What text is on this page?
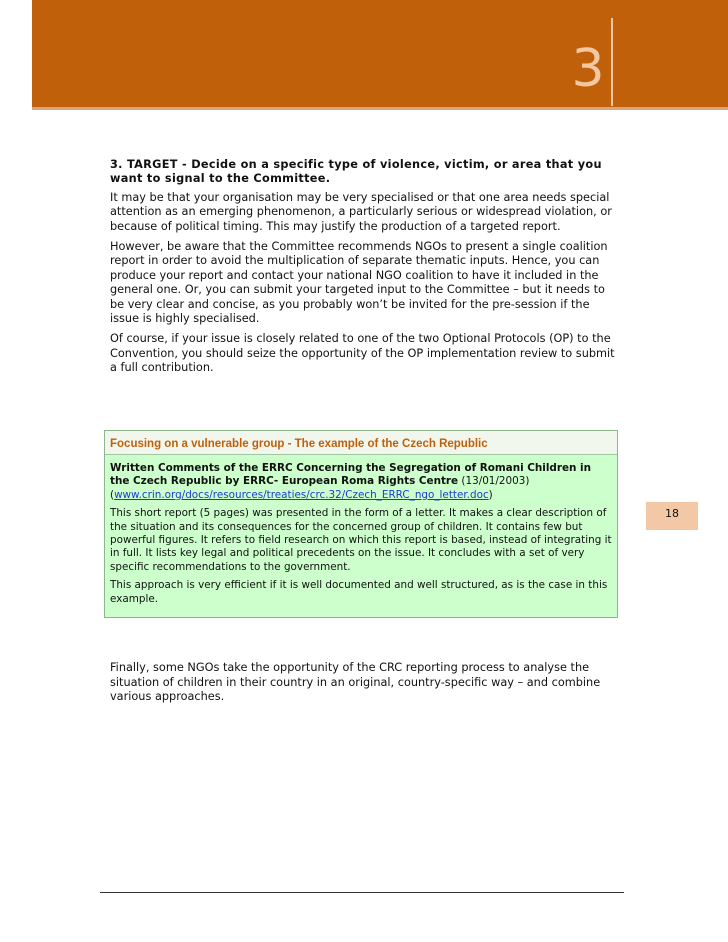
3

3. TARGET - Decide on a specific type of violence, victim, or area that you want to signal to the Committee.

It may be that your organisation may be very specialised or that one area needs special attention as an emerging phenomenon, a particularly serious or widespread violation, or because of political timing. This may justify the production of a targeted report.

However, be aware that the Committee recommends NGOs to present a single coalition report in order to avoid the multiplication of separate thematic inputs. Hence, you can produce your report and contact your national NGO coalition to have it included in the general one. Or, you can submit your targeted input to the Committee – but it needs to be very clear and concise, as you probably won’t be invited for the pre-session if the issue is highly specialised.

Of course, if your issue is closely related to one of the two Optional Protocols (OP) to the Convention, you should seize the opportunity of the OP implementation review to submit a full contribution.

Focusing on a vulnerable group - The example of the Czech Republic

Written Comments of the ERRC Concerning the Segregation of Romani Children in the Czech Republic by ERRC- European Roma Rights Centre (13/01/2003)
(www.crin.org/docs/resources/treaties/crc.32/Czech_ERRC_ngo_letter.doc)

This short report (5 pages) was presented in the form of a letter. It makes a clear description of the situation and its consequences for the concerned group of children. It contains few but powerful figures. It refers to field research on which this report is based, instead of integrating it in full. It lists key legal and political precedents on the issue. It concludes with a set of very specific recommendations to the government.

This approach is very efficient if it is well documented and well structured, as is the case in this example.

18

Finally, some NGOs take the opportunity of the CRC reporting process to analyse the situation of children in their country in an original, country-specific way – and combine various approaches.
